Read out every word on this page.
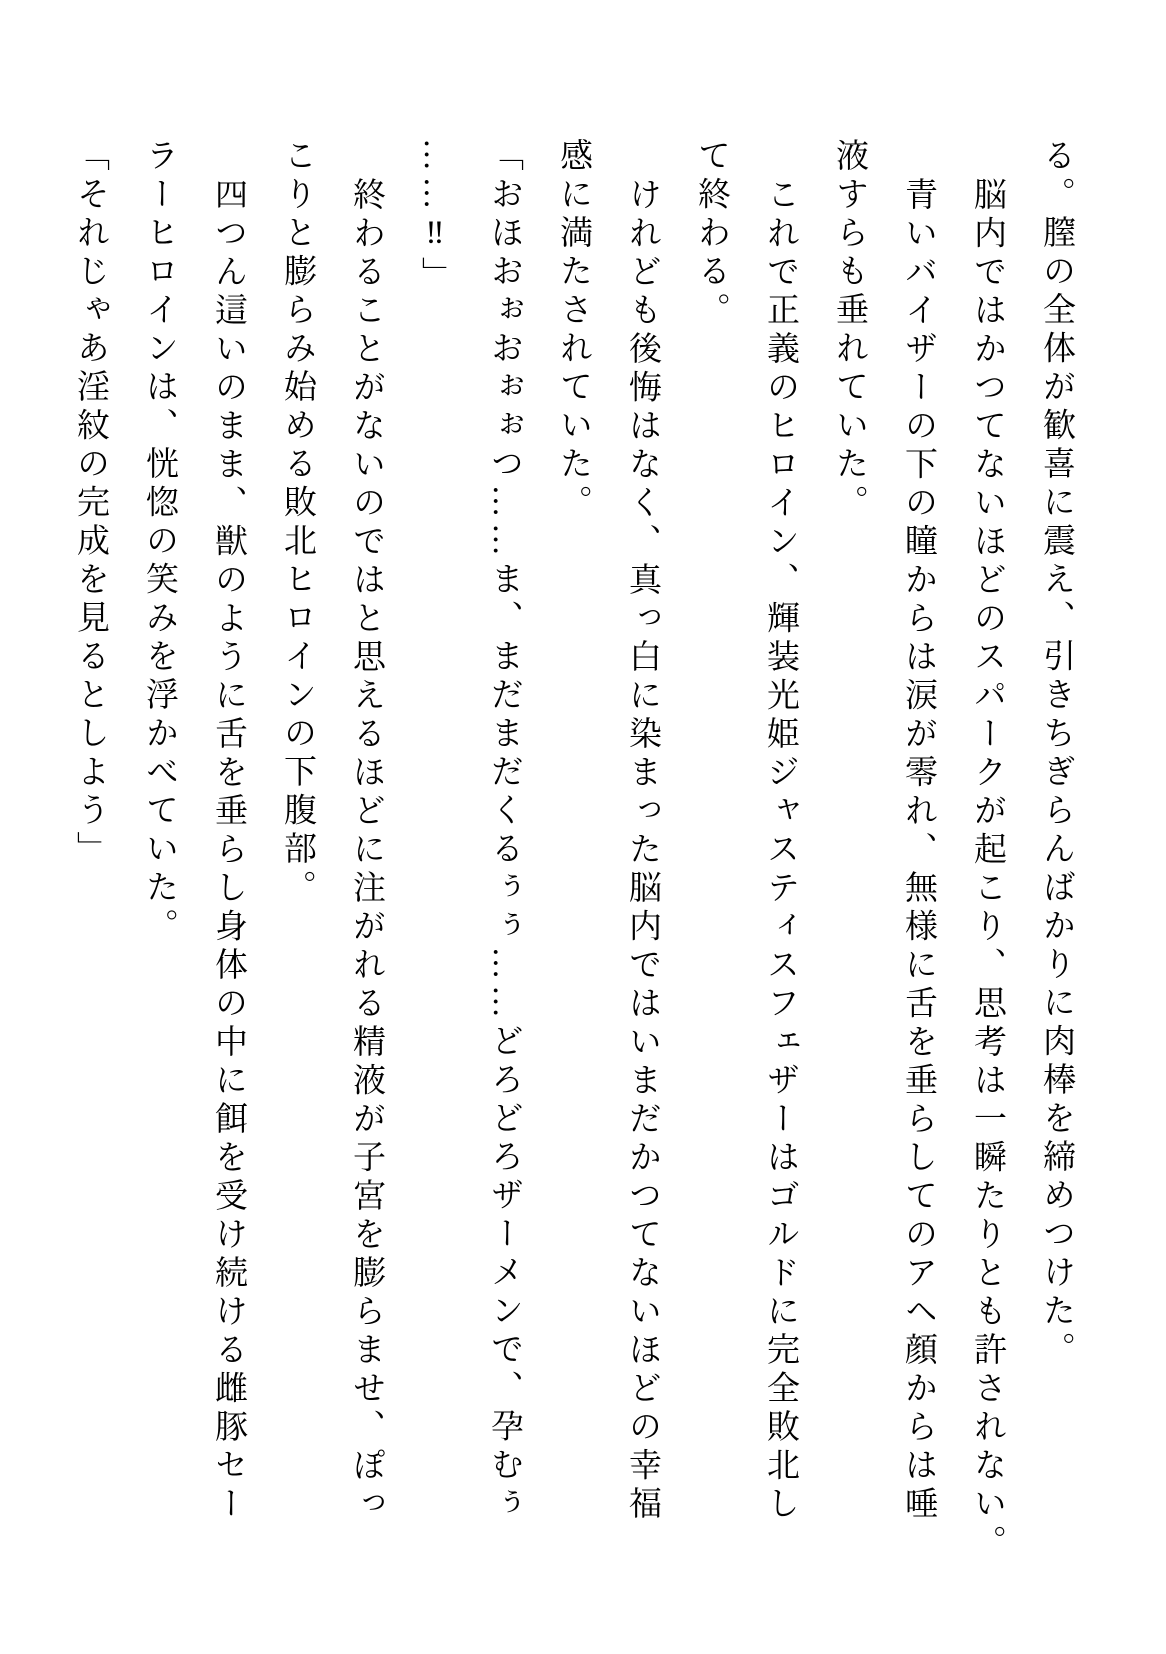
る。膣の全体が歓喜に震え、引きちぎらんばかりに肉棒を締めつけた。
脳内ではかつてないほどのスパークが起こり、思考は一瞬たりとも許されない。
青いバイザーの下の瞳からは涙が零れ、無様に舌を垂らしてのアヘ顔からは唾
液すらも垂れていた。
これで正義のヒロイン、輝装光姫ジャスティスフェザーはゴルドに完全敗北し
て終わる。
けれども後悔はなく、真っ白に染まった脳内ではいまだかつてないほどの幸福
感に満たされていた。
「おほおぉおぉぉつ……ま、まだまだくるぅぅ……どろどろザーメンで、孕むぅ
……‼」
終わることがないのではと思えるほどに注がれる精液が子宮を膨らませ、ぽっ
こりと膨らみ始める敗北ヒロインの下腹部。
四つん這いのまま、獣のように舌を垂らし身体の中に餌を受け続ける雌豚セー
ラーヒロインは、恍惚の笑みを浮かべていた。
「それじゃあ淫紋の完成を見るとしよう」
